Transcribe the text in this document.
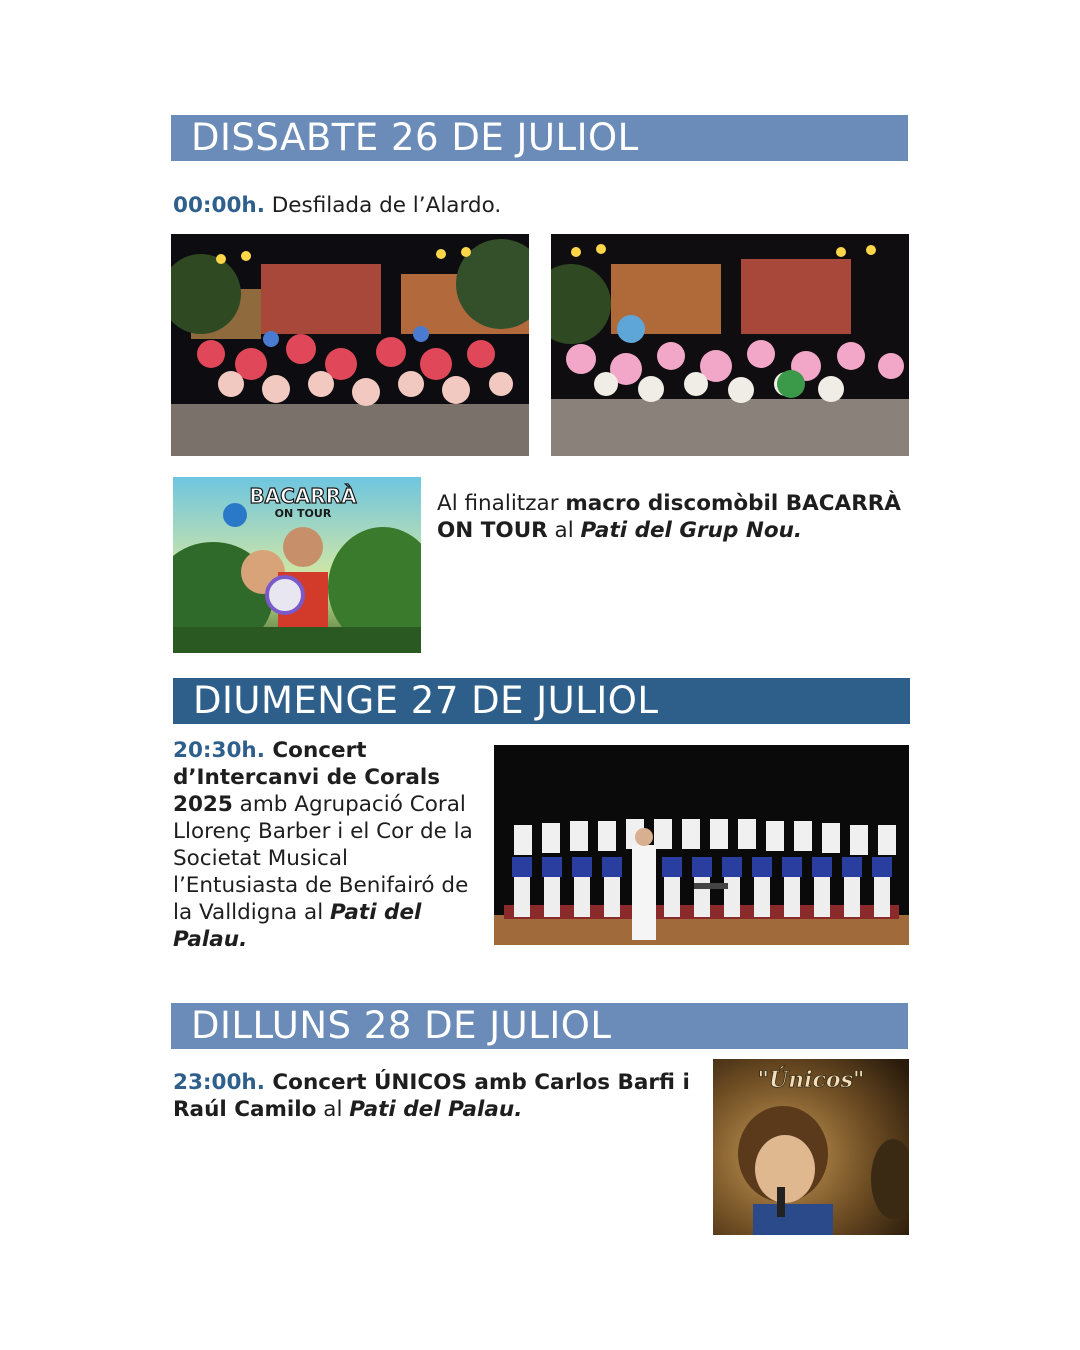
DISSABTE 26 DE JULIOL
00:00h. Desfilada de l’Alardo.
BACARRÀ
ON TOUR	Al finalitzar macro discomòbil BACARRÀ ON TOUR al Pati del Grup Nou.
DIUMENGE 27 DE JULIOL
20:30h. Concert d’Intercanvi de Corals 2025 amb Agrupació Coral Llorenç Barber i el Cor de la Societat Musical l’Entusiasta de Benifairó de la Valldigna al Pati del Palau.
DILLUNS 28 DE JULIOL
23:00h. Concert ÚNICOS amb Carlos Barfi i Raúl Camilo al Pati del Palau.
"Únicos"
